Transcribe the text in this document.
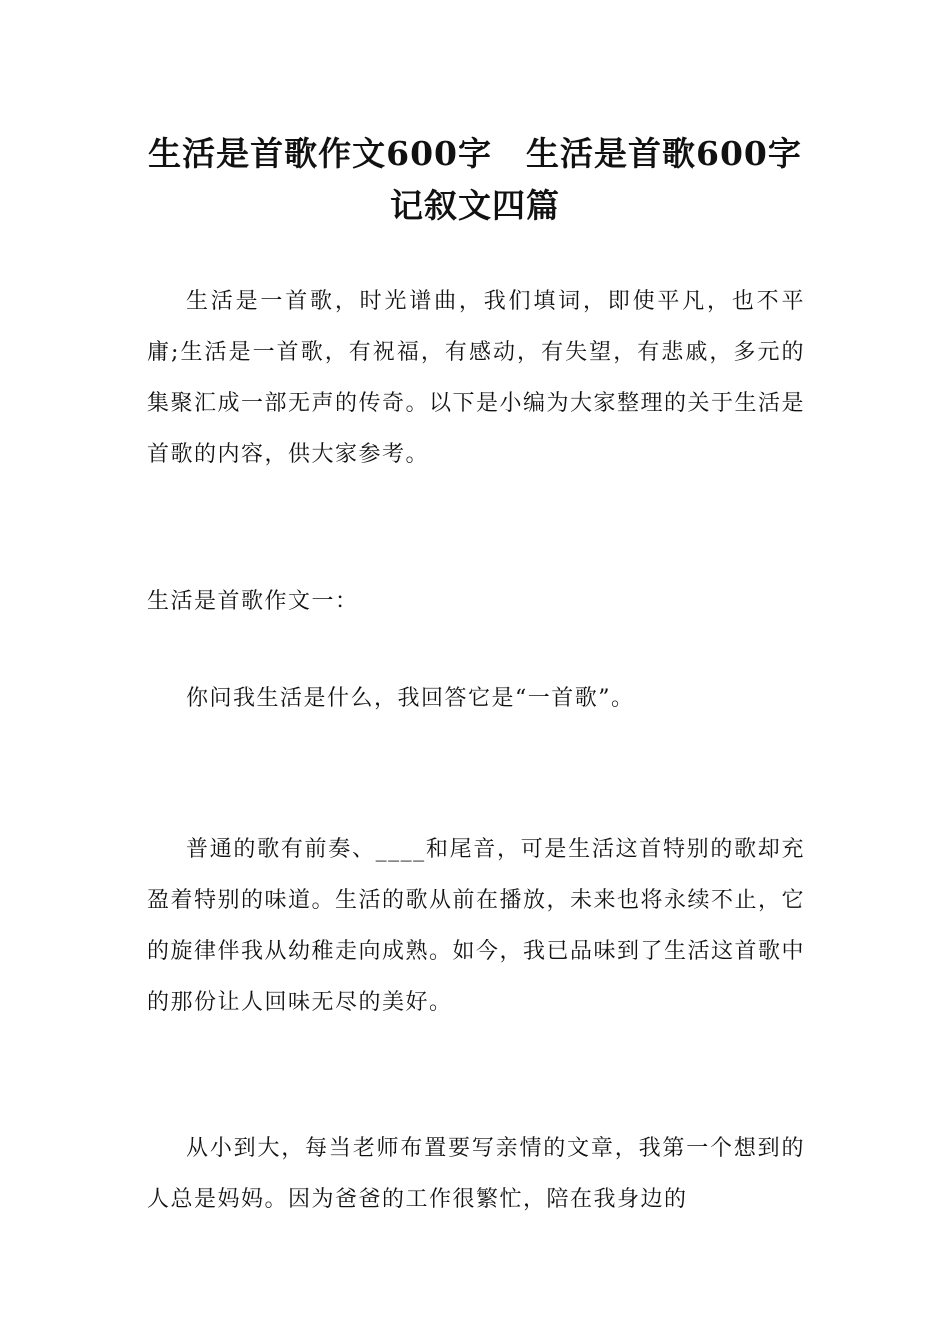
生活是首歌作文600字　生活是首歌600字
记叙文四篇

生活是一首歌，时光谱曲，我们填词，即使平凡，也不平庸;生活是一首歌，有祝福，有感动，有失望，有悲戚，多元的集聚汇成一部无声的传奇。以下是小编为大家整理的关于生活是首歌的内容，供大家参考。

生活是首歌作文一：

你问我生活是什么，我回答它是“一首歌”。

普通的歌有前奏、____和尾音，可是生活这首特别的歌却充盈着特别的味道。生活的歌从前在播放，未来也将永续不止，它的旋律伴我从幼稚走向成熟。如今，我已品味到了生活这首歌中的那份让人回味无尽的美好。

从小到大，每当老师布置要写亲情的文章，我第一个想到的人总是妈妈。因为爸爸的工作很繁忙，陪在我身边的
